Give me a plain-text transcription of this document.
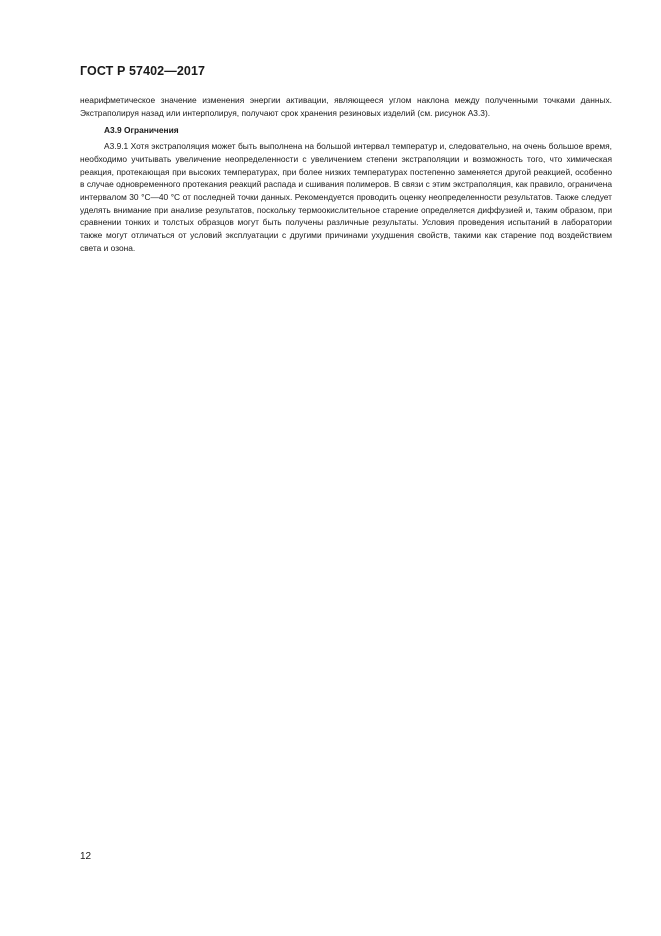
ГОСТ Р 57402—2017

неарифметическое значение изменения энергии активации, являющееся углом наклона между полученными точками данных. Экстраполируя назад или интерполируя, получают срок хранения резиновых изделий (см. рисунок А3.3).

А3.9 Ограничения

А3.9.1 Хотя экстраполяция может быть выполнена на большой интервал температур и, следовательно, на очень большое время, необходимо учитывать увеличение неопределенности с увеличением степени экстраполяции и возможность того, что химическая реакция, протекающая при высоких температурах, при более низких температурах постепенно заменяется другой реакцией, особенно в случае одновременного протекания реакций распада и сшивания полимеров. В связи с этим экстраполяция, как правило, ограничена интервалом 30 °С—40 °С от последней точки данных. Рекомендуется проводить оценку неопределенности результатов. Также следует уделять внимание при анализе результатов, поскольку термоокислительное старение определяется диффузией и, таким образом, при сравнении тонких и толстых образцов могут быть получены различные результаты. Условия проведения испытаний в лаборатории также могут отличаться от условий эксплуатации с другими причинами ухудшения свойств, такими как старение под воздействием света и озона.

12
